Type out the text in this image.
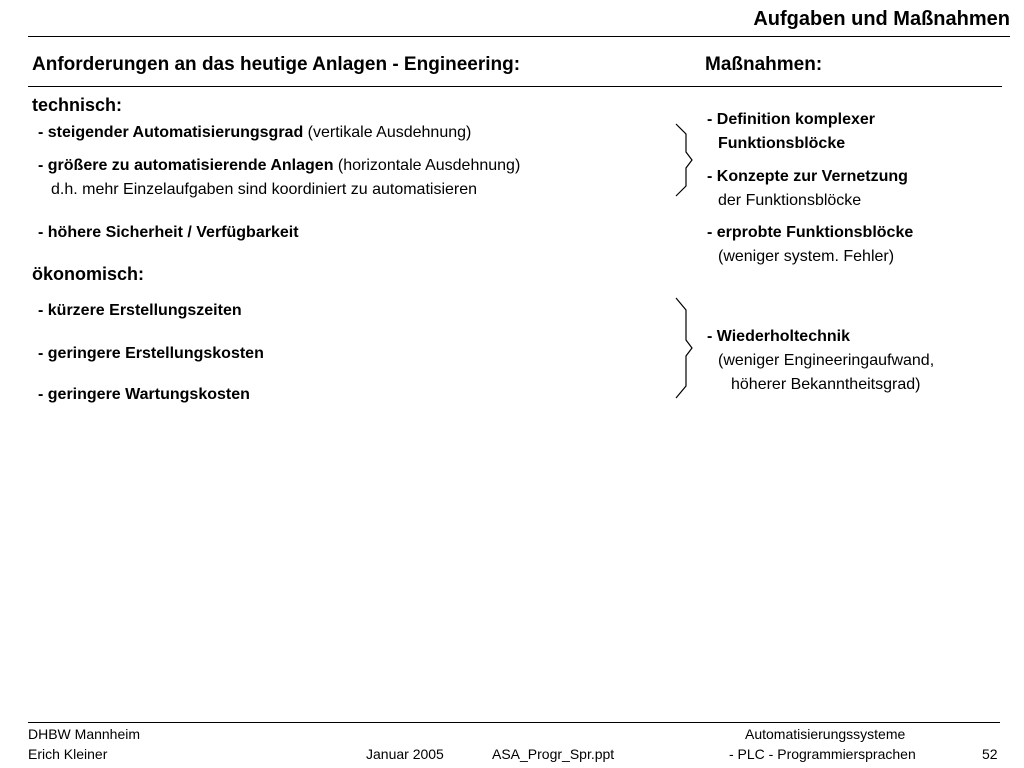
Aufgaben und Maßnahmen
Anforderungen an das heutige Anlagen - Engineering:	Maßnahmen:
technisch:
- steigender Automatisierungsgrad (vertikale Ausdehnung)
- größere zu automatisierende Anlagen (horizontale Ausdehnung)
d.h. mehr Einzelaufgaben sind koordiniert zu automatisieren
- höhere Sicherheit / Verfügbarkeit
ökonomisch:
- kürzere Erstellungszeiten
- geringere Erstellungskosten
- geringere Wartungskosten
- Definition komplexer
Funktionsblöcke
- Konzepte zur Vernetzung
der Funktionsblöcke
- erprobte Funktionsblöcke
(weniger system. Fehler)
- Wiederholtechnik
(weniger Engineeringaufwand,
höherer Bekanntheitsgrad)
DHBW Mannheim
Erich Kleiner	Januar 2005	ASA_Progr_Spr.ppt
Automatisierungssysteme
- PLC - Programmiersprachen	52
